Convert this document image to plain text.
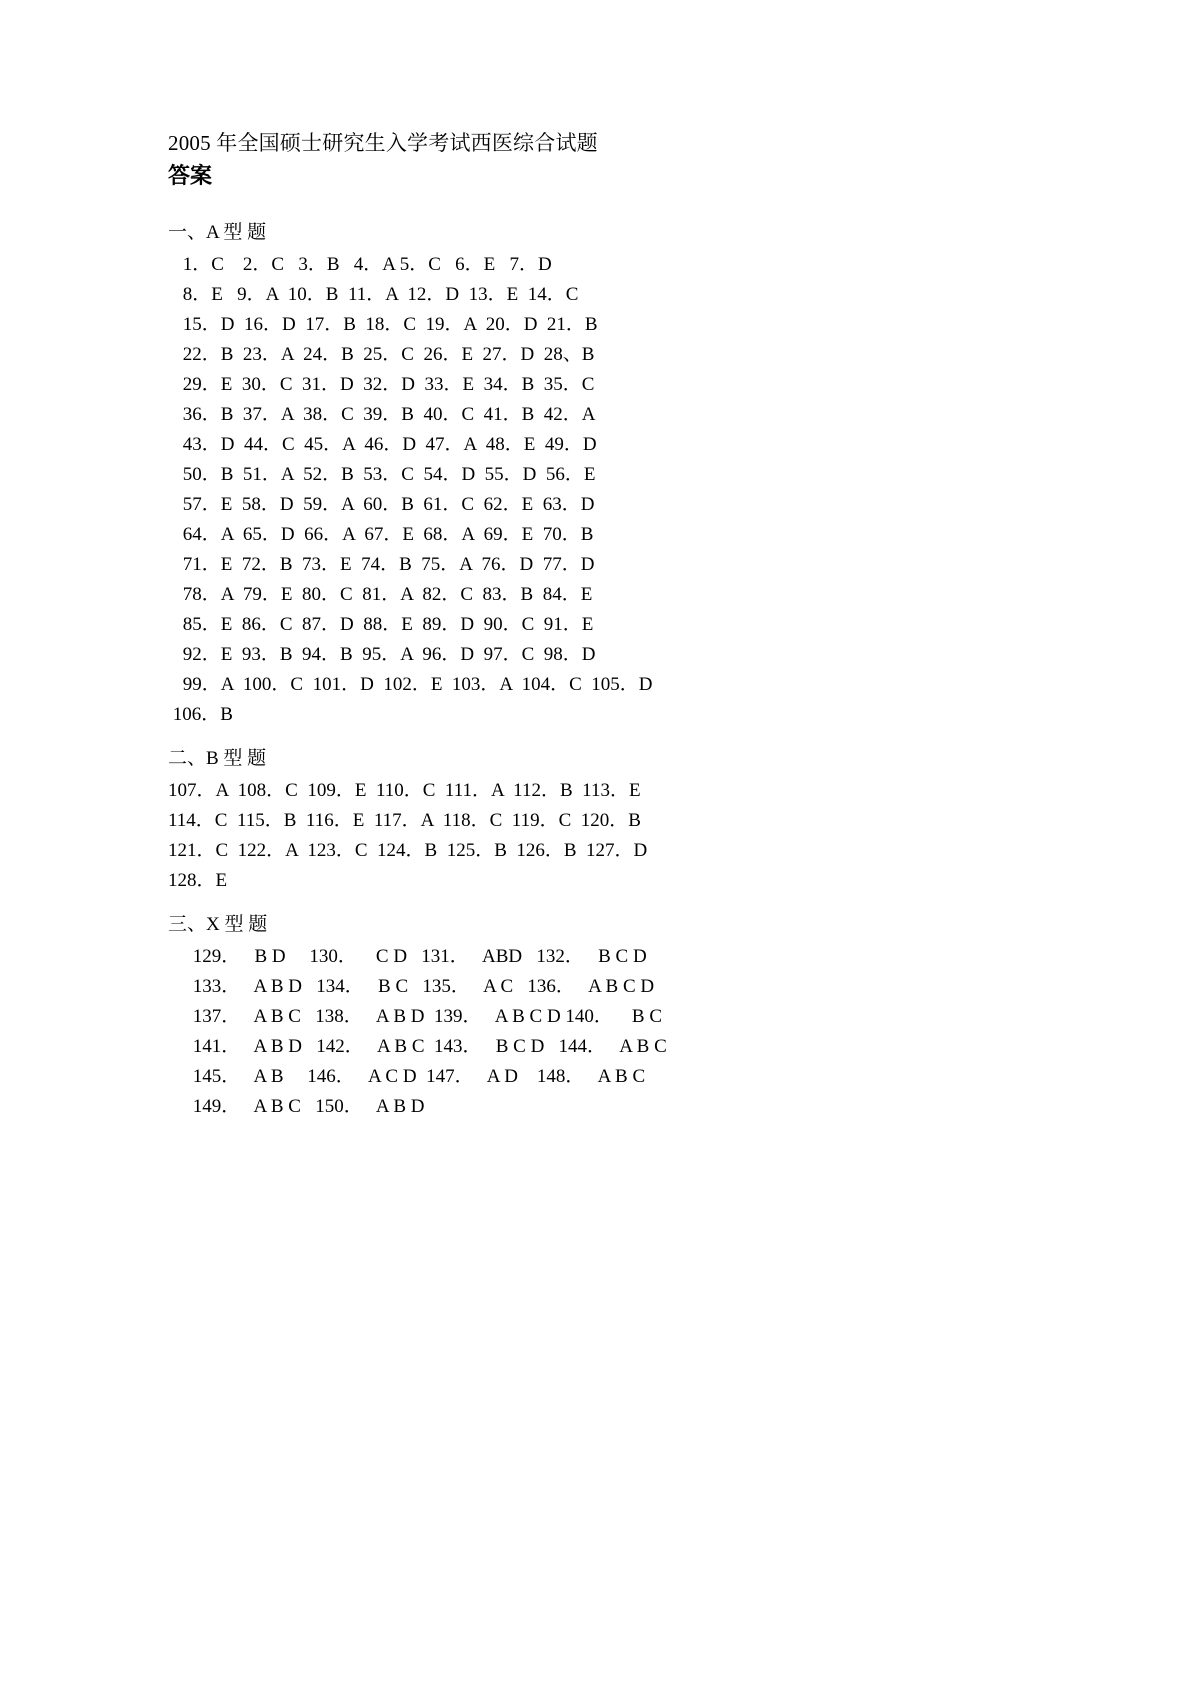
2005 年全国硕士研究生入学考试西医综合试题
答案
一、A 型 题
1．C    2．C   3．B   4．A 5．C   6．E   7．D
8．E   9．A  10．B  11．A  12．D  13．E  14．C
15．D  16．D  17．B  18．C  19．A  20．D  21．B
22．B  23．A  24．B  25．C  26．E  27．D  28、B
29．E  30．C  31．D  32．D  33．E  34．B  35．C
36．B  37．A  38．C  39．B  40．C  41．B  42．A
43．D  44．C  45．A  46．D  47．A  48．E  49．D
50．B  51．A  52．B  53．C  54．D  55．D  56．E
57．E  58．D  59．A  60．B  61．C  62．E  63．D
64．A  65．D  66．A  67．E  68．A  69．E  70．B
71．E  72．B  73．E  74．B  75．A  76．D  77．D
78．A  79．E  80．C  81．A  82．C  83．B  84．E
85．E  86．C  87．D  88．E  89．D  90．C  91．E
92．E  93．B  94．B  95．A  96．D  97．C  98．D
99．A  100．C  101．D  102．E  103．A  104．C  105．D
106．B
二、B 型 题
107．A  108．C  109．E  110．C  111．A  112．B  113．E
114．C  115．B  116．E  117．A  118．C  119．C  120．B
121．C  122．A  123．C  124．B  125．B  126．B  127．D
128．E
三、X 型 题
129．   B D     130．    C D   131．   ABD   132．   B C D
133．   A B D   134．   B C   135．   A C   136．   A B C D
137．   A B C   138．   A B D  139．   A B C D 140．    B C
141．   A B D   142．   A B C  143．   B C D   144．   A B C
145．   A B     146．   A C D  147．   A D    148．   A B C
149．   A B C   150．   A B D
